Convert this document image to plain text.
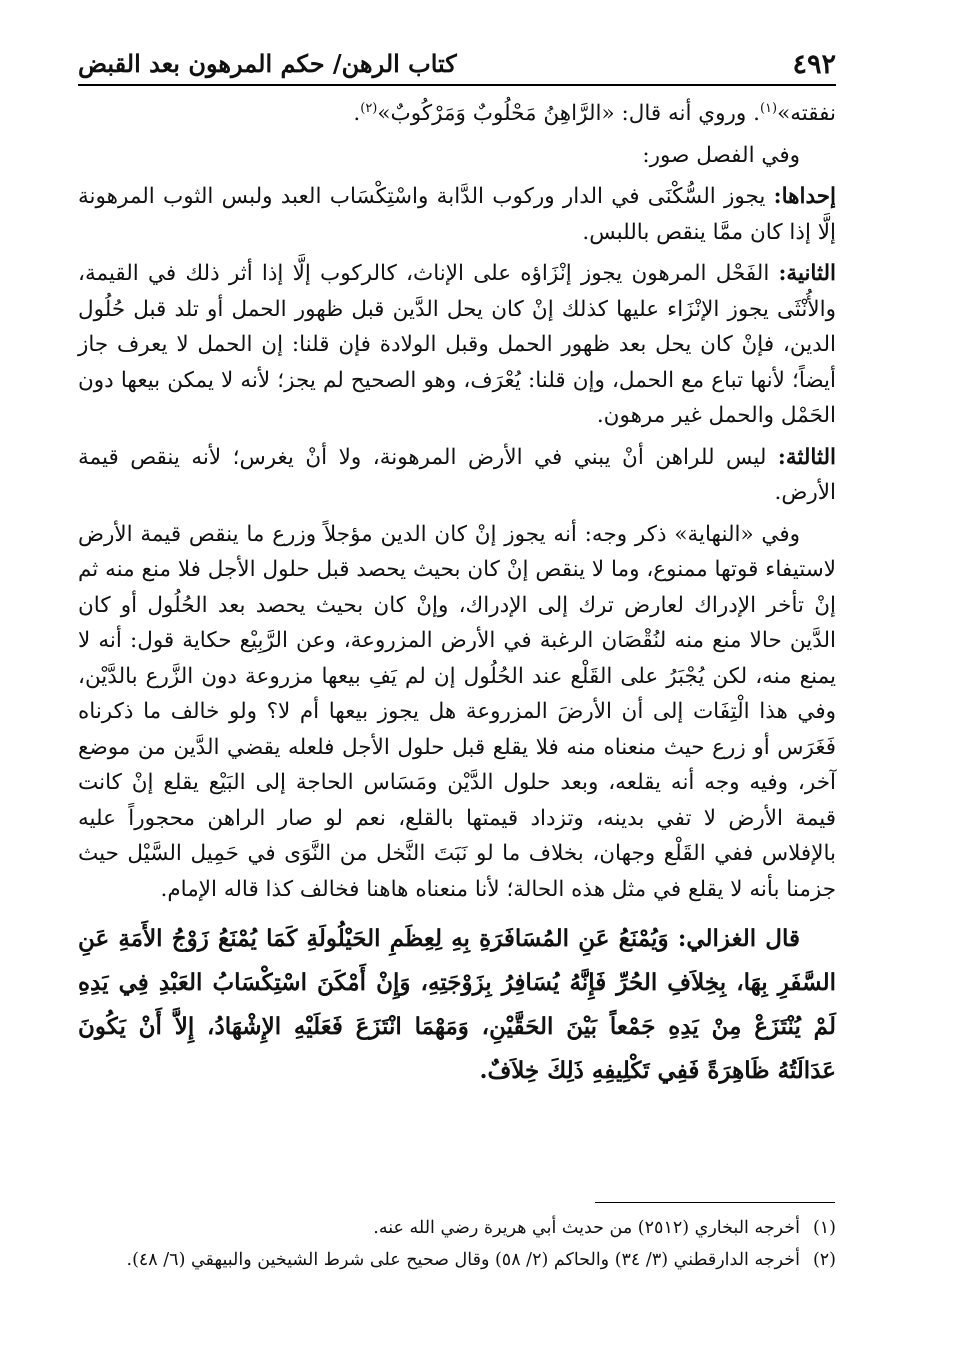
٤٩٢
كتاب الرهن/ حكم المرهون بعد القبض

نفقته»$^{(١)}$. وروي أنه قال: «الرَّاهِنُ مَحْلُوبٌ وَمَرْكُوبٌ»$^{(٢)}$.

وفي الفصل صور:

إحداها: يجوز السُّكْنَى في الدار وركوب الدَّابة واسْتِكْسَاب العبد ولبس الثوب المرهونة إلَّا إذا كان ممَّا ينقص باللبس.

الثانية: الفَحْل المرهون يجوز إنْزَاؤه على الإناث، كالركوب إلَّا إذا أثر ذلك في القيمة، والأُنْثَى يجوز الإنْزَاء عليها كذلك إنْ كان يحل الدَّين قبل ظهور الحمل أو تلد قبل حُلُول الدين، فإنْ كان يحل بعد ظهور الحمل وقبل الولادة فإن قلنا: إن الحمل لا يعرف جاز أيضاً؛ لأنها تباع مع الحمل، وإن قلنا: يُعْرَف، وهو الصحيح لم يجز؛ لأنه لا يمكن بيعها دون الحَمْل والحمل غير مرهون.

الثالثة: ليس للراهن أنْ يبني في الأرض المرهونة، ولا أنْ يغرس؛ لأنه ينقص قيمة الأرض.

وفي «النهاية» ذكر وجه: أنه يجوز إنْ كان الدين مؤجلاً وزرع ما ينقص قيمة الأرض لاستيفاء قوتها ممنوع، وما لا ينقص إنْ كان بحيث يحصد قبل حلول الأجل فلا منع منه ثم إنْ تأخر الإدراك لعارض ترك إلى الإدراك، وإنْ كان بحيث يحصد بعد الحُلُول أو كان الدَّين حالا منع منه لنُقْصَان الرغبة في الأرض المزروعة، وعن الرَّبِيْع حكاية قول: أنه لا يمنع منه، لكن يُجْبَرُ على القَلْع عند الحُلُول إن لم يَفِ بيعها مزروعة دون الزَّرع بالدَّيْن، وفي هذا الْتِفَات إلى أن الأرضَ المزروعة هل يجوز بيعها أم لا؟ ولو خالف ما ذكرناه فَغَرَس أو زرع حيث منعناه منه فلا يقلع قبل حلول الأجل فلعله يقضي الدَّين من موضع آخر، وفيه وجه أنه يقلعه، وبعد حلول الدَّيْن ومَسَاس الحاجة إلى البَيْع يقلع إنْ كانت قيمة الأرض لا تفي بدينه، وتزداد قيمتها بالقلع، نعم لو صار الراهن محجوراً عليه بالإفلاس ففي القَلْع وجهان، بخلاف ما لو نَبَتَ النَّخل من النَّوَى في حَمِيل السَّيْل حيث جزمنا بأنه لا يقلع في مثل هذه الحالة؛ لأنا منعناه هاهنا فخالف كذا قاله الإمام.

قال الغزالي: وَيُمْنَعُ عَنِ المُسَافَرَةِ بِهِ لِعِظَمِ الحَيْلُولَةِ كَمَا يُمْنَعُ زَوْجُ الأَمَةِ عَنِ السَّفَرِ بِهَا، بِخِلاَفِ الحُرِّ فَإِنَّهُ يُسَافِرُ بِزَوْجَتِهِ، وَإِنْ أَمْكَنَ اسْتِكْسَابُ العَبْدِ فِي يَدِهِ لَمْ يُنْتَزَعْ مِنْ يَدِهِ جَمْعاً بَيْنَ الحَقَّيْنِ، وَمَهْمَا انْتَزَعَ فَعَلَيْهِ الإِشْهَادُ، إِلاَّ أَنْ يَكُونَ عَدَالَتُهُ ظَاهِرَةً فَفِي تَكْلِيفِهِ ذَلِكَ خِلاَفٌ.

(١)
أخرجه البخاري (٢٥١٢) من حديث أبي هريرة رضي الله عنه.
(٢)
أخرجه الدارقطني (٣/ ٣٤) والحاكم (٢/ ٥٨) وقال صحيح على شرط الشيخين والبيهقي (٦/ ٤٨).
